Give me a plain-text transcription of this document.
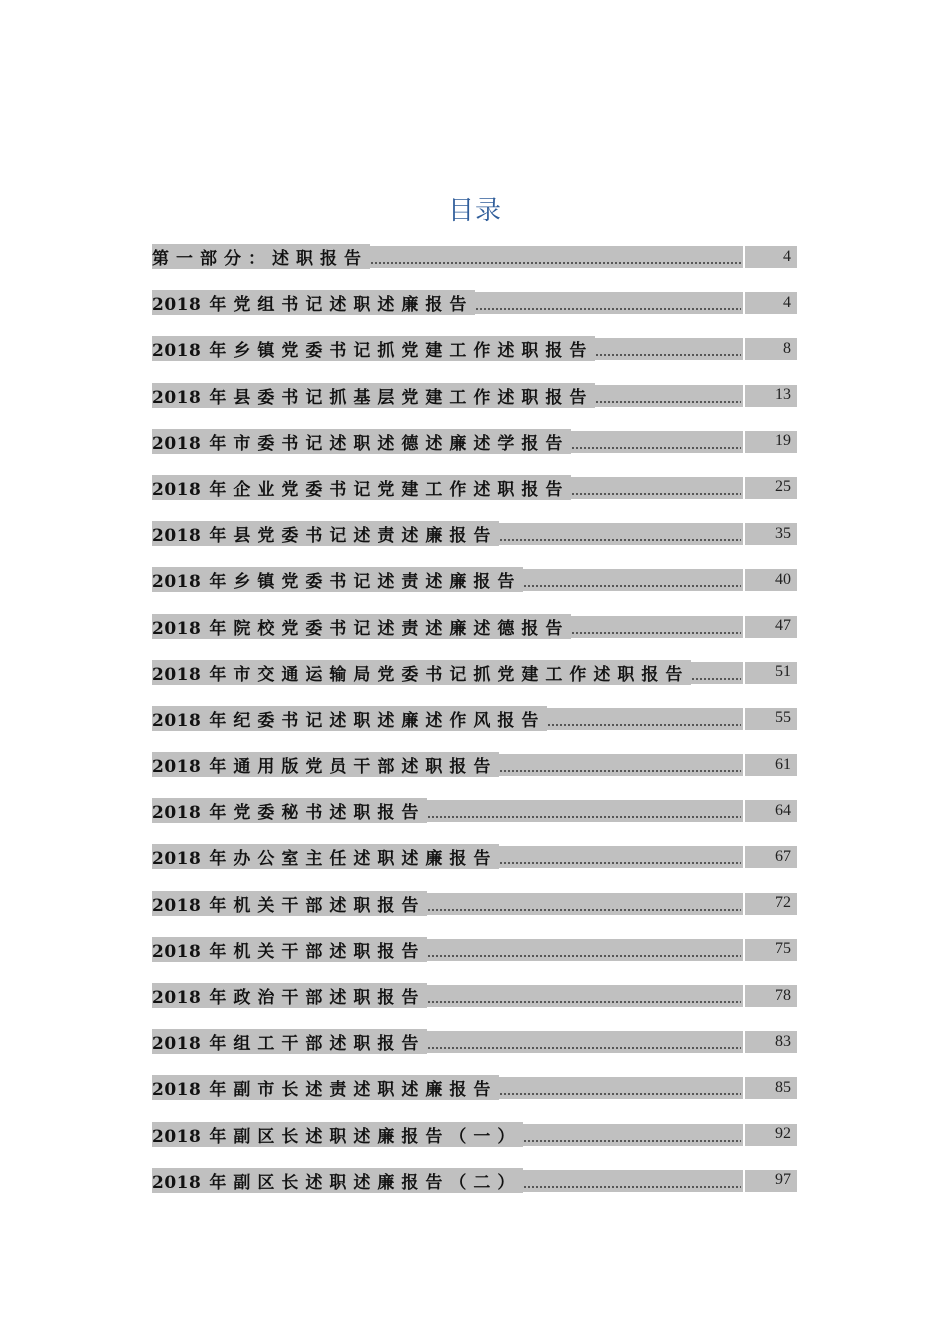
目录
第一部分：述职报告	4
2018 年党组书记述职述廉报告	4
2018 年乡镇党委书记抓党建工作述职报告	8
2018 年县委书记抓基层党建工作述职报告	13
2018 年市委书记述职述德述廉述学报告	19
2018 年企业党委书记党建工作述职报告	25
2018 年县党委书记述责述廉报告	35
2018 年乡镇党委书记述责述廉报告	40
2018 年院校党委书记述责述廉述德报告	47
2018 年市交通运输局党委书记抓党建工作述职报告	51
2018 年纪委书记述职述廉述作风报告	55
2018 年通用版党员干部述职报告	61
2018 年党委秘书述职报告	64
2018 年办公室主任述职述廉报告	67
2018 年机关干部述职报告	72
2018 年机关干部述职报告	75
2018 年政治干部述职报告	78
2018 年组工干部述职报告	83
2018 年副市长述责述职述廉报告	85
2018 年副区长述职述廉报告（一）	92
2018 年副区长述职述廉报告（二）	97
